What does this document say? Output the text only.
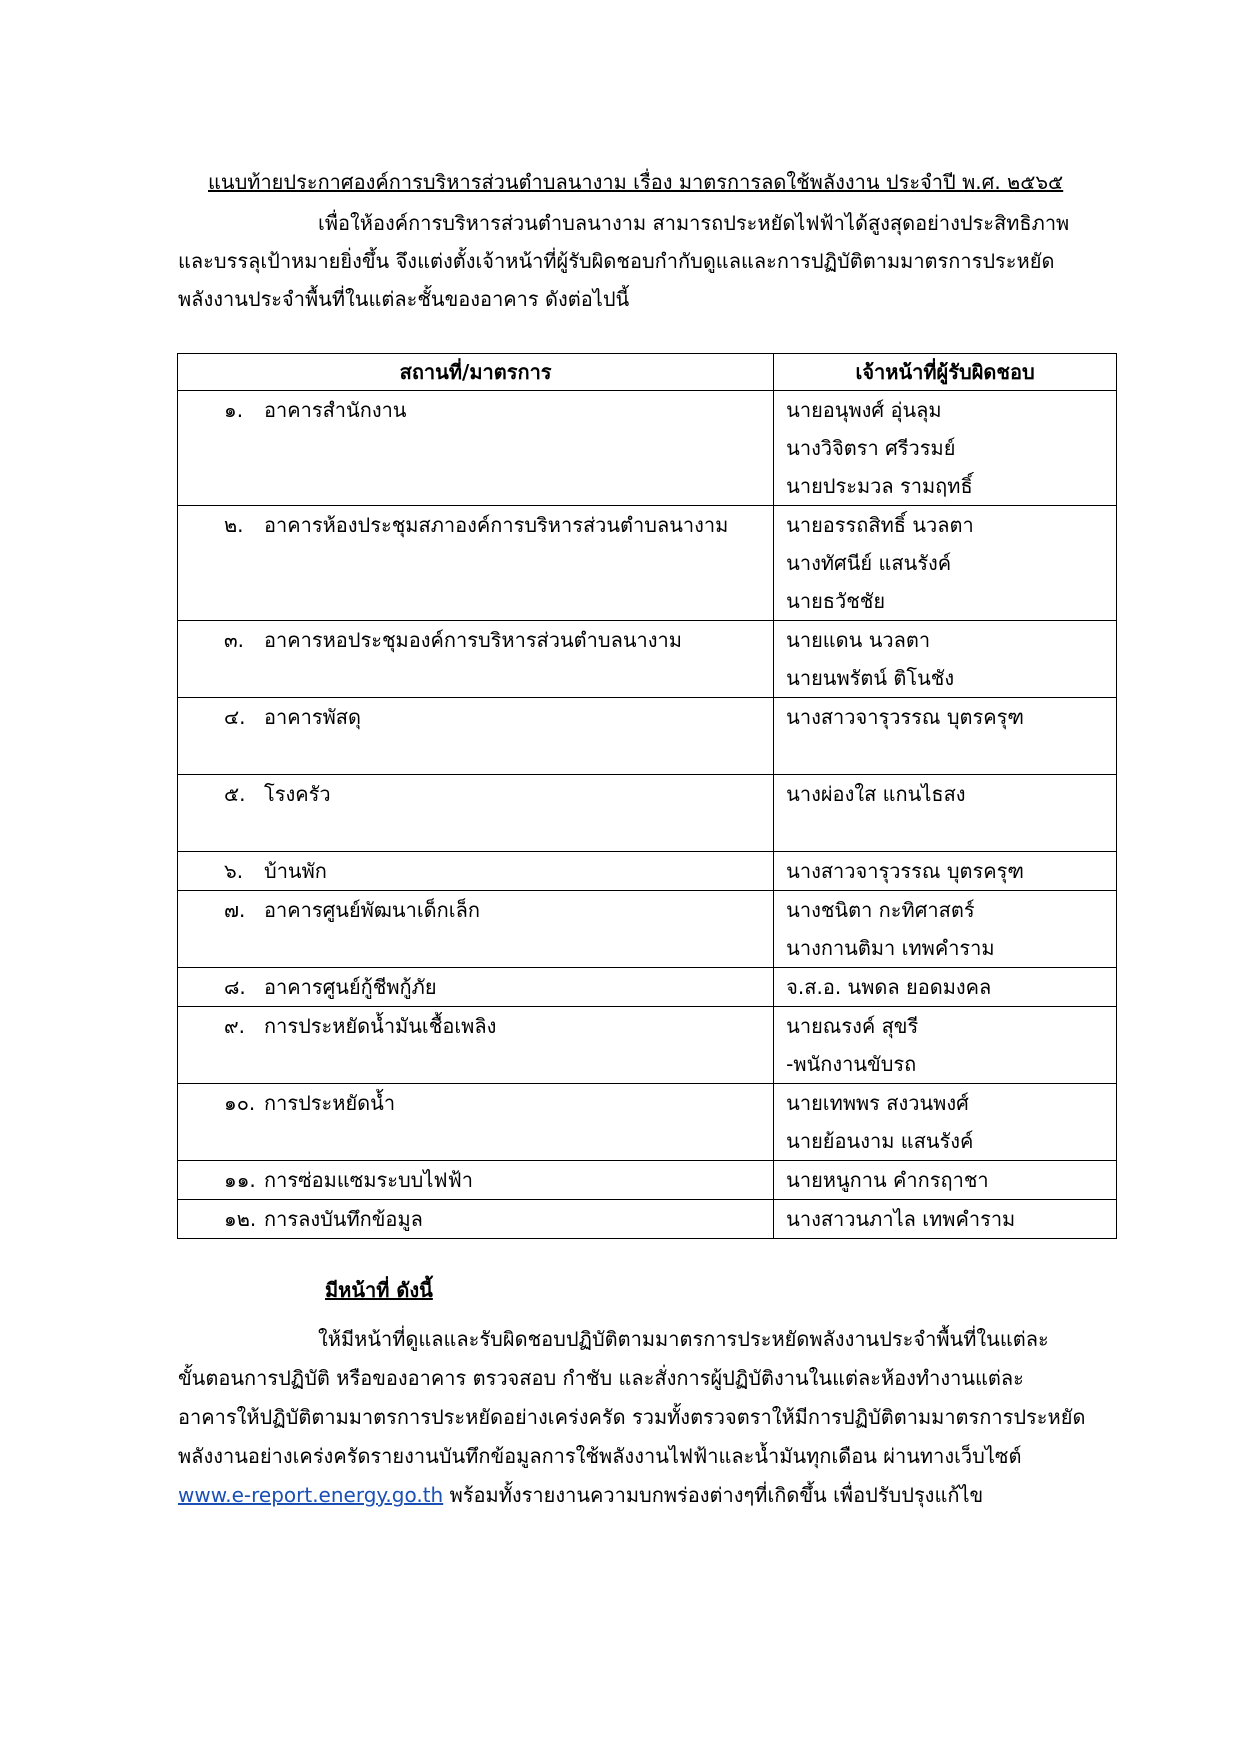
แนบท้ายประกาศองค์การบริหารส่วนตำบลนางาม เรื่อง มาตรการลดใช้พลังงาน ประจำปี พ.ศ. ๒๕๖๕
เพื่อให้องค์การบริหารส่วนตำบลนางาม สามารถประหยัดไฟฟ้าได้สูงสุดอย่างประสิทธิภาพ
และบรรลุเป้าหมายยิ่งขึ้น จึงแต่งตั้งเจ้าหน้าที่ผู้รับผิดชอบกำกับดูแลและการปฏิบัติตามมาตรการประหยัด
พลังงานประจำพื้นที่ในแต่ละชั้นของอาคาร ดังต่อไปนี้
สถานที่/มาตรการ	เจ้าหน้าที่ผู้รับผิดชอบ

๑. อาคารสำนักงาน	นายอนุพงศ์ อุ่นลุม
นางวิจิตรา ศรีวรมย์
นายประมวล รามฤทธิ์

๒. อาคารห้องประชุมสภาองค์การบริหารส่วนตำบลนางาม	นายอรรถสิทธิ์ นวลตา
นางทัศนีย์ แสนรังค์
นายธวัชชัย

๓. อาคารหอประชุมองค์การบริหารส่วนตำบลนางาม	นายแดน นวลตา
นายนพรัตน์ ติโนชัง

๔. อาคารพัสดุ	นางสาวจารุวรรณ บุตรครุฑ

๕. โรงครัว	นางผ่องใส แกนไธสง

๖. บ้านพัก	นางสาวจารุวรรณ บุตรครุฑ

๗. อาคารศูนย์พัฒนาเด็กเล็ก	นางชนิตา กะทิศาสตร์
นางกานติมา เทพคำราม

๘. อาคารศูนย์กู้ชีพกู้ภัย	จ.ส.อ. นพดล ยอดมงคล

๙. การประหยัดน้ำมันเชื้อเพลิง	นายณรงค์ สุขรี
-พนักงานขับรถ

๑๐. การประหยัดน้ำ	นายเทพพร สงวนพงศ์
นายย้อนงาม แสนรังค์

๑๑. การซ่อมแซมระบบไฟฟ้า	นายหนูกาน คำกรฤาชา

๑๒. การลงบันทึกข้อมูล	นางสาวนภาไล เทพคำราม
มีหน้าที่ ดังนี้
ให้มีหน้าที่ดูแลและรับผิดชอบปฏิบัติตามมาตรการประหยัดพลังงานประจำพื้นที่ในแต่ละ
ขั้นตอนการปฏิบัติ หรือของอาคาร ตรวจสอบ กำชับ และสั่งการผู้ปฏิบัติงานในแต่ละห้องทำงานแต่ละ
อาคารให้ปฏิบัติตามมาตรการประหยัดอย่างเคร่งครัด รวมทั้งตรวจตราให้มีการปฏิบัติตามมาตรการประหยัด
พลังงานอย่างเคร่งครัดรายงานบันทึกข้อมูลการใช้พลังงานไฟฟ้าและน้ำมันทุกเดือน ผ่านทางเว็บไซต์
www.e-report.energy.go.th พร้อมทั้งรายงานความบกพร่องต่างๆที่เกิดขึ้น เพื่อปรับปรุงแก้ไข
